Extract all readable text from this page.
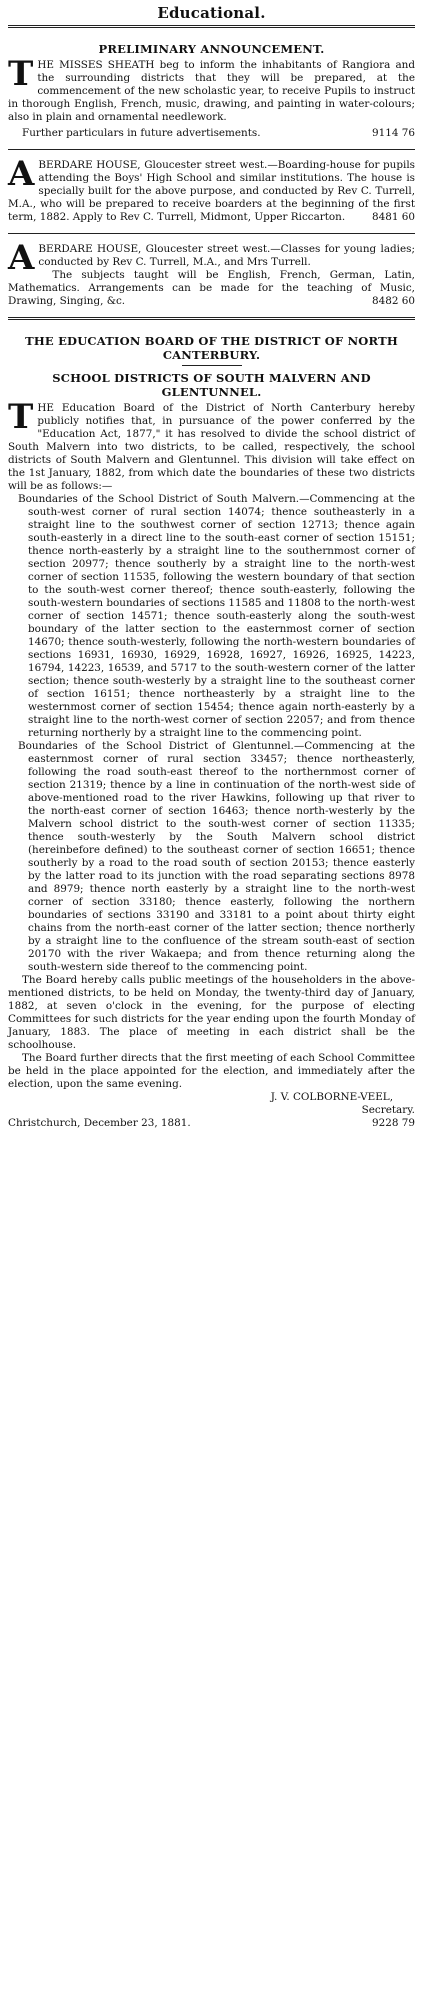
Educational.
PRELIMINARY ANNOUNCEMENT.

THE MISSES SHEATH beg to inform the inhabitants of Rangiora and the surrounding districts that they will be prepared, at the commencement of the new scholastic year, to receive Pupils to instruct in thorough English, French, music, drawing, and painting in water-colours; also in plain and ornamental needlework.

Further particulars in future advertisements.	9114 76

ABERDARE HOUSE, Gloucester street west.—Boarding-house for pupils attending the Boys' High School and similar institutions. The house is specially built for the above purpose, and conducted by Rev C. Turrell, M.A., who will be prepared to receive boarders at the beginning of the first term, 1882. Apply to Rev C. Turrell, Midmont, Upper Riccarton.	8481 60

ABERDARE HOUSE, Gloucester street west.—Classes for young ladies; conducted by Rev C. Turrell, M.A., and Mrs Turrell.

The subjects taught will be English, French, German, Latin, Mathematics. Arrangements can be made for the teaching of Music, Drawing, Singing, &c.	8482 60

THE EDUCATION BOARD OF THE DISTRICT OF NORTH CANTERBURY.
SCHOOL DISTRICTS OF SOUTH MALVERN AND GLENTUNNEL.

THE Education Board of the District of North Canterbury hereby publicly notifies that, in pursuance of the power conferred by the "Education Act, 1877," it has resolved to divide the school district of South Malvern into two districts, to be called, respectively, the school districts of South Malvern and Glentunnel. This division will take effect on the 1st January, 1882, from which date the boundaries of these two districts will be as follows:—

Boundaries of the School District of South Malvern.—Commencing at the south-west corner of rural section 14074; thence southeasterly in a straight line to the southwest corner of section 12713; thence again south-easterly in a direct line to the south-east corner of section 15151; thence north-easterly by a straight line to the southernmost corner of section 20977; thence southerly by a straight line to the north-west corner of section 11535, following the western boundary of that section to the south-west corner thereof; thence south-easterly, following the south-western boundaries of sections 11585 and 11808 to the north-west corner of section 14571; thence south-easterly along the south-west boundary of the latter section to the easternmost corner of section 14670; thence south-westerly, following the north-western boundaries of sections 16931, 16930, 16929, 16928, 16927, 16926, 16925, 14223, 16794, 14223, 16539, and 5717 to the south-western corner of the latter section; thence south-westerly by a straight line to the southeast corner of section 16151; thence northeasterly by a straight line to the westernmost corner of section 15454; thence again north-easterly by a straight line to the north-west corner of section 22057; and from thence returning northerly by a straight line to the commencing point.

Boundaries of the School District of Glentunnel.—Commencing at the easternmost corner of rural section 33457; thence northeasterly, following the road south-east thereof to the northernmost corner of section 21319; thence by a line in continuation of the north-west side of above-mentioned road to the river Hawkins, following up that river to the north-east corner of section 16463; thence north-westerly by the Malvern school district to the south-west corner of section 11335; thence south-westerly by the South Malvern school district (hereinbefore defined) to the southeast corner of section 16651; thence southerly by a road to the road south of section 20153; thence easterly by the latter road to its junction with the road separating sections 8978 and 8979; thence north easterly by a straight line to the north-west corner of section 33180; thence easterly, following the northern boundaries of sections 33190 and 33181 to a point about thirty eight chains from the north-east corner of the latter section; thence northerly by a straight line to the confluence of the stream south-east of section 20170 with the river Wakaepa; and from thence returning along the south-western side thereof to the commencing point.

The Board hereby calls public meetings of the householders in the above-mentioned districts, to be held on Monday, the twenty-third day of January, 1882, at seven o'clock in the evening, for the purpose of electing Committees for such districts for the year ending upon the fourth Monday of January, 1883. The place of meeting in each district shall be the schoolhouse.

The Board further directs that the first meeting of each School Committee be held in the place appointed for the election, and immediately after the election, upon the same evening.

J. V. COLBORNE-VEEL,

Secretary.

Christchurch, December 23, 1881.	9228 79
